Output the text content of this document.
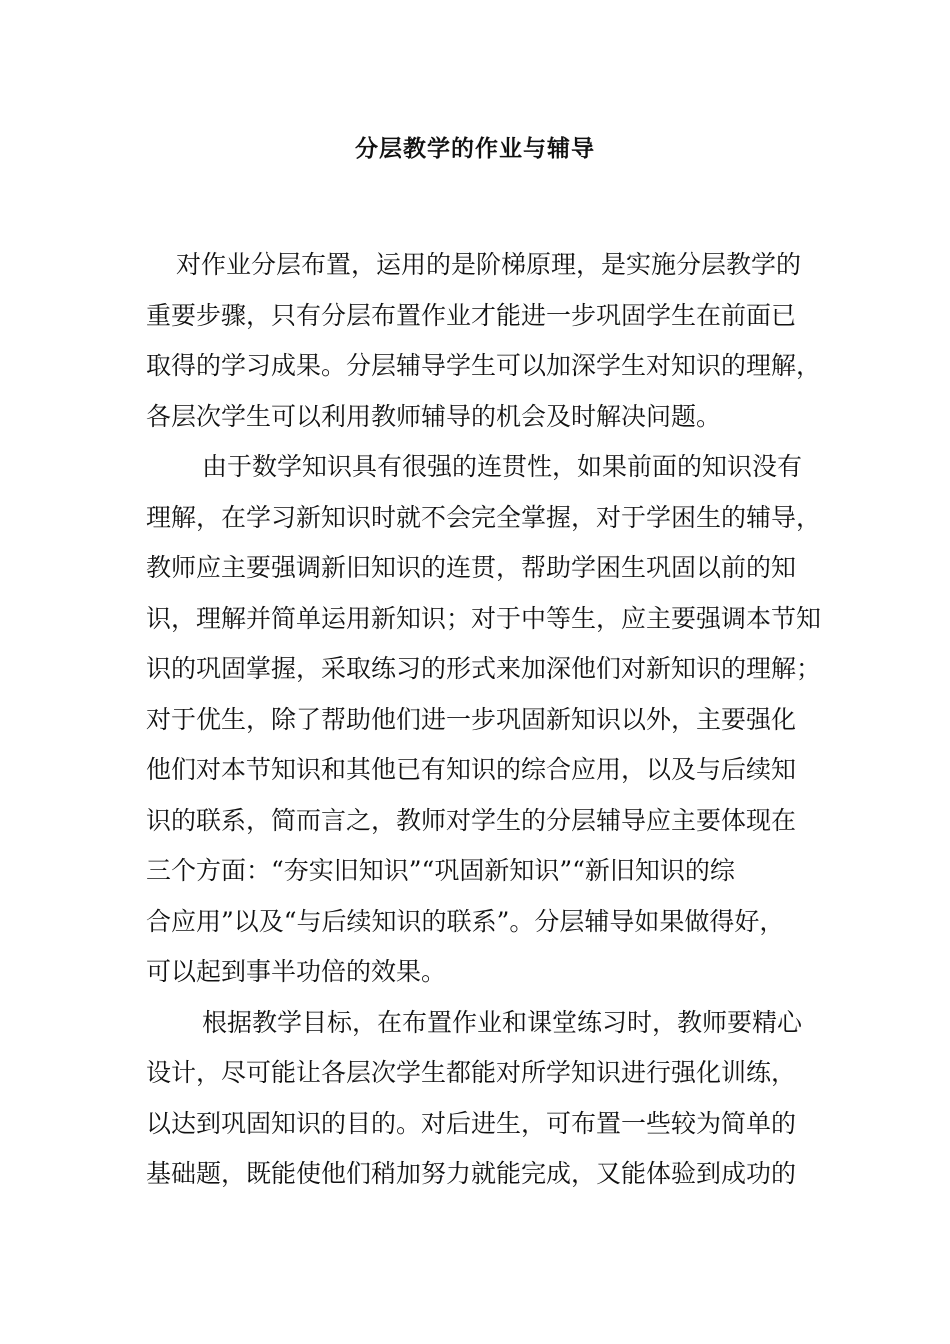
分层教学的作业与辅导
对作业分层布置，运用的是阶梯原理，是实施分层教学的
重要步骤，只有分层布置作业才能进一步巩固学生在前面已
取得的学习成果。分层辅导学生可以加深学生对知识的理解，
各层次学生可以利用教师辅导的机会及时解决问题。
由于数学知识具有很强的连贯性，如果前面的知识没有
理解，在学习新知识时就不会完全掌握，对于学困生的辅导，
教师应主要强调新旧知识的连贯，帮助学困生巩固以前的知
识，理解并简单运用新知识；对于中等生，应主要强调本节知
识的巩固掌握，采取练习的形式来加深他们对新知识的理解；
对于优生，除了帮助他们进一步巩固新知识以外，主要强化
他们对本节知识和其他已有知识的综合应用，以及与后续知
识的联系，简而言之，教师对学生的分层辅导应主要体现在
三个方面：“夯实旧知识”“巩固新知识”“新旧知识的综
合应用”以及“与后续知识的联系”。分层辅导如果做得好，
可以起到事半功倍的效果。
根据教学目标，在布置作业和课堂练习时，教师要精心
设计，尽可能让各层次学生都能对所学知识进行强化训练，
以达到巩固知识的目的。对后进生，可布置一些较为简单的
基础题，既能使他们稍加努力就能完成，又能体验到成功的
